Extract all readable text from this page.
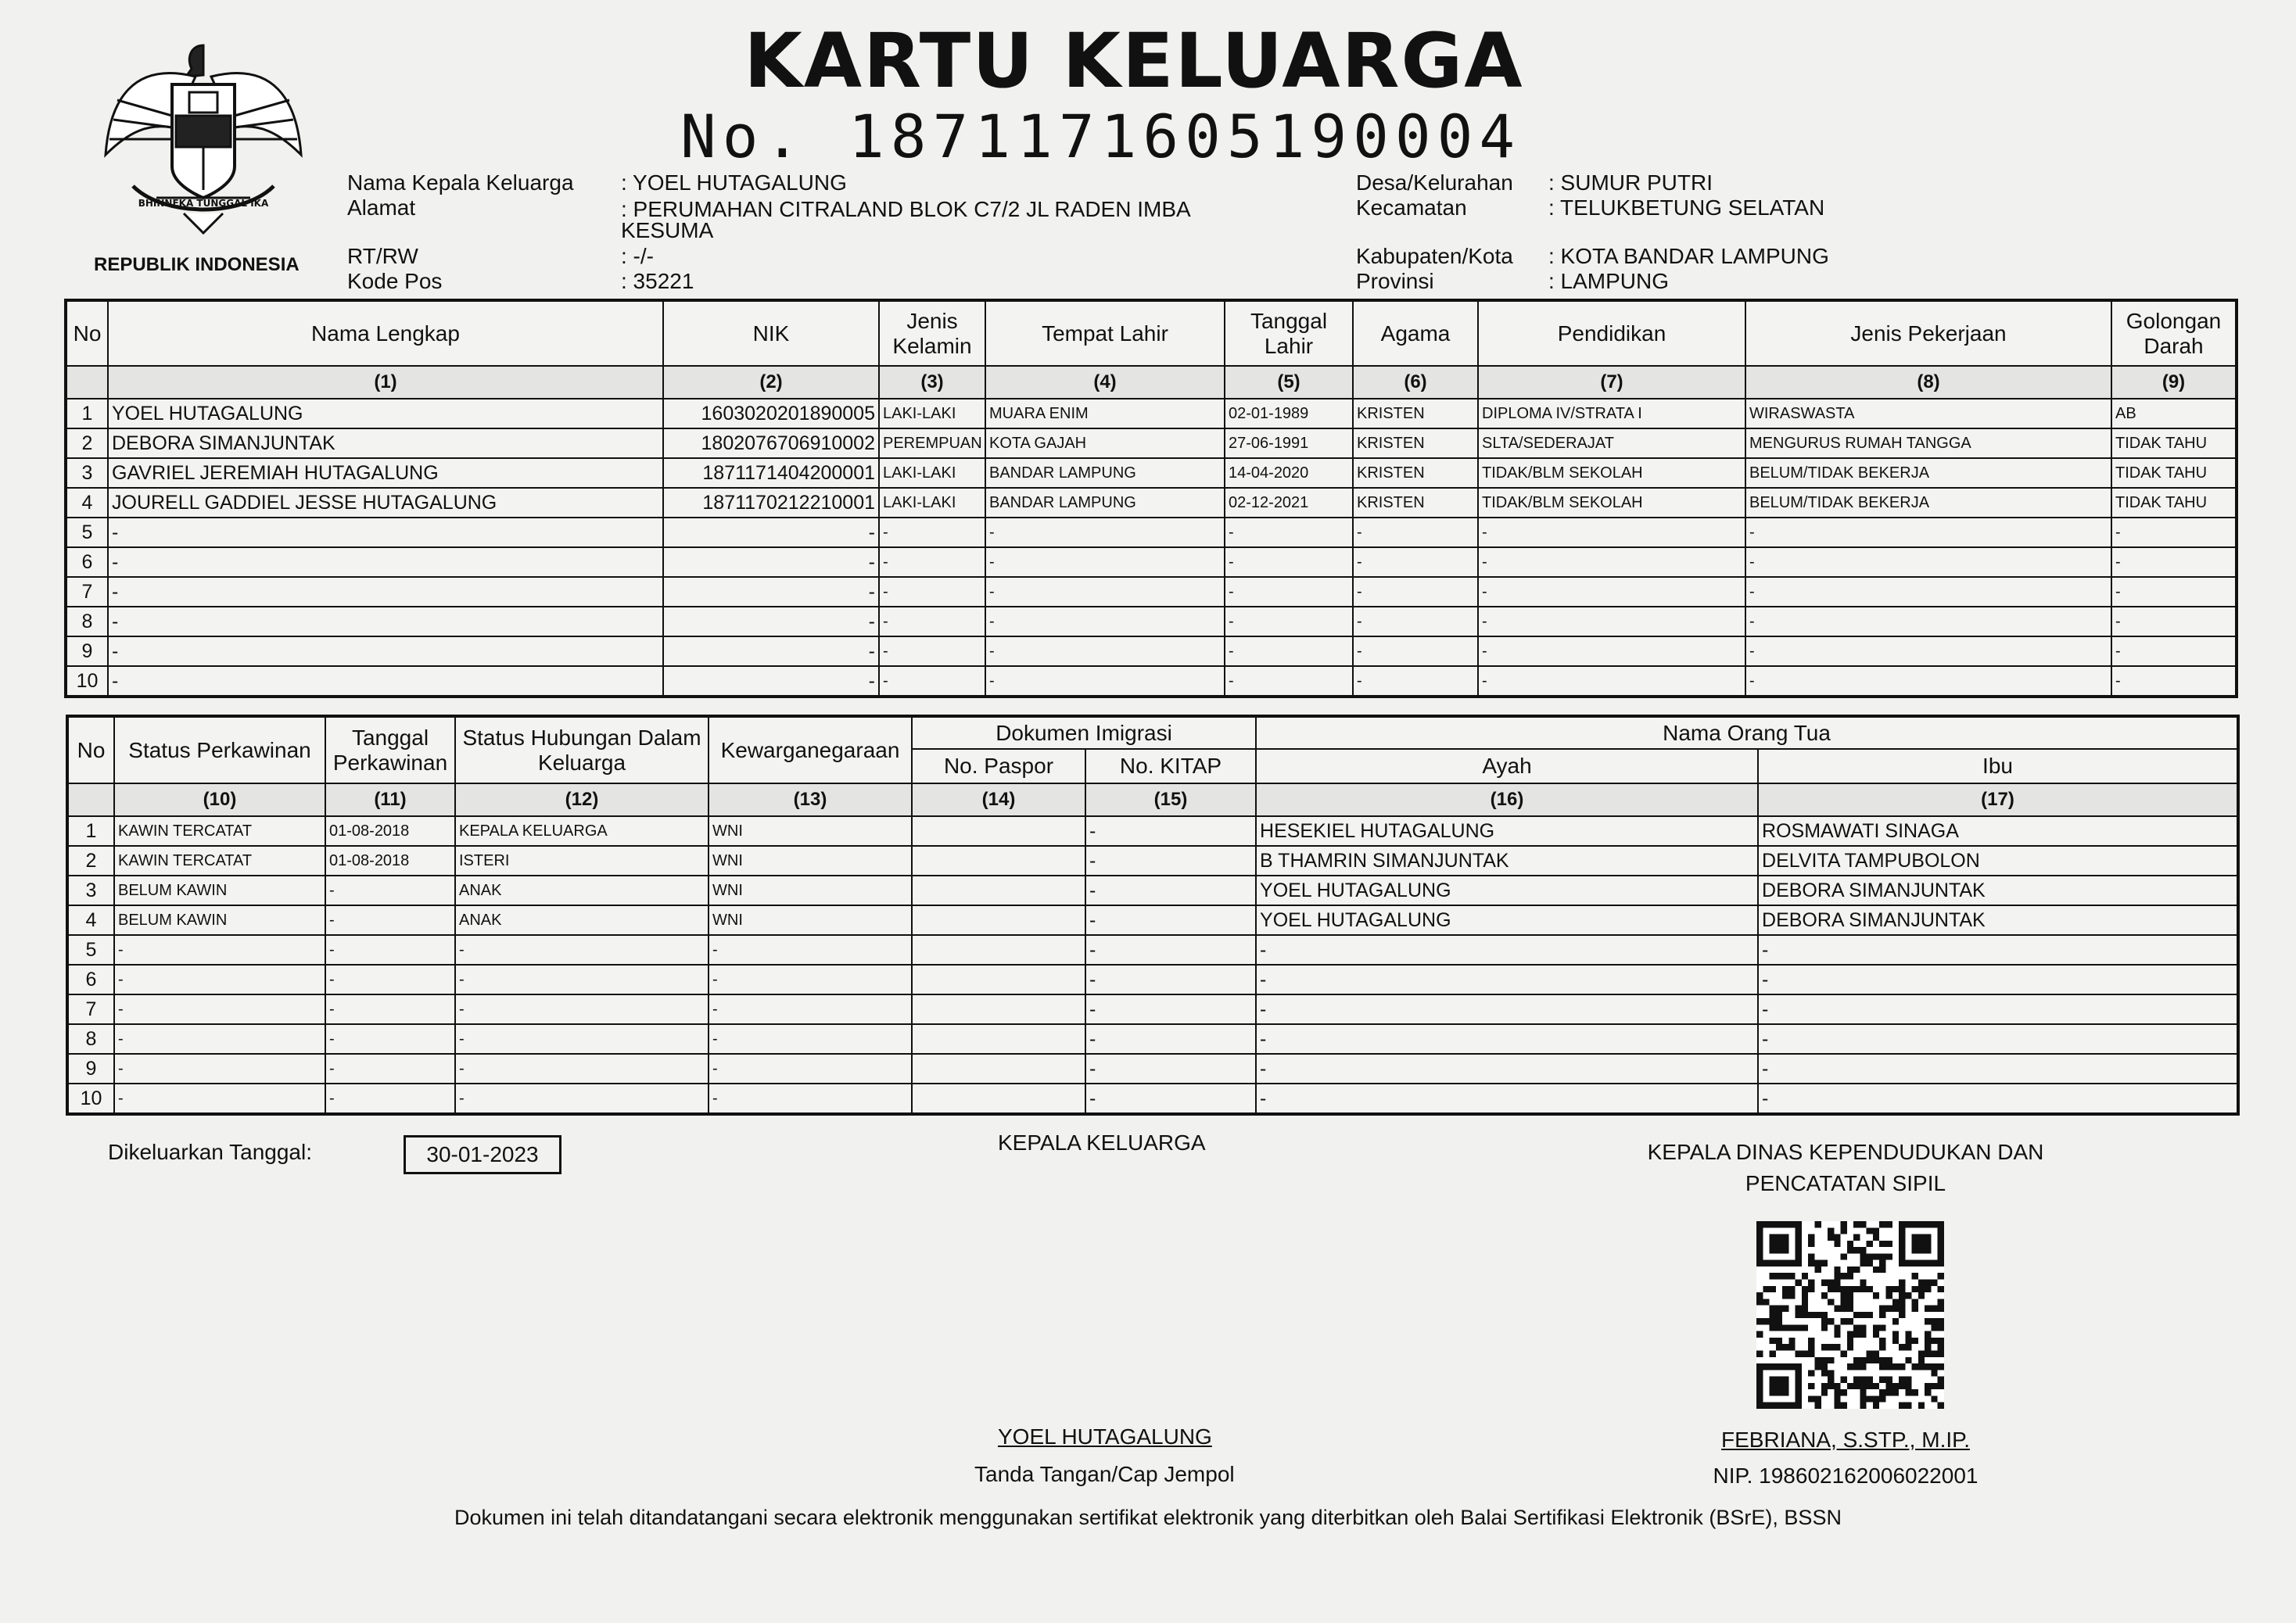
BHINNEKA TUNGGAL IKA
REPUBLIK INDONESIA
KARTU KELUARGA
No. 1871171605190004
Nama Kepala Keluarga : YOEL HUTAGALUNG
Alamat	: PERUMAHAN CITRALAND BLOK C7/2 JL RADEN IMBA KESUMA
RT/RW	: -/-
Kode Pos	: 35221
Desa/Kelurahan : SUMUR PUTRI
Kecamatan	: TELUKBETUNG SELATAN
Kabupaten/Kota : KOTA BANDAR LAMPUNG
Provinsi	: LAMPUNG
No	Nama Lengkap	NIK	Jenis Kelamin	Tempat Lahir	Tanggal Lahir	Agama	Pendidikan	Jenis Pekerjaan	Golongan Darah
	(1)	(2)	(3)	(4)	(5)	(6)	(7)	(8)	(9)
1	YOEL HUTAGALUNG	1603020201890005	LAKI-LAKI	MUARA ENIM	02-01-1989	KRISTEN	DIPLOMA IV/STRATA I	WIRASWASTA	AB
2	DEBORA SIMANJUNTAK	1802076706910002	PEREMPUAN	KOTA GAJAH	27-06-1991	KRISTEN	SLTA/SEDERAJAT	MENGURUS RUMAH TANGGA	TIDAK TAHU
3	GAVRIEL JEREMIAH HUTAGALUNG	1871171404200001	LAKI-LAKI	BANDAR LAMPUNG	14-04-2020	KRISTEN	TIDAK/BLM SEKOLAH	BELUM/TIDAK BEKERJA	TIDAK TAHU
4	JOURELL GADDIEL JESSE HUTAGALUNG	1871170212210001	LAKI-LAKI	BANDAR LAMPUNG	02-12-2021	KRISTEN	TIDAK/BLM SEKOLAH	BELUM/TIDAK BEKERJA	TIDAK TAHU
5	-	-	-	-	-	-	-	-	-
6	-	-	-	-	-	-	-	-	-
7	-	-	-	-	-	-	-	-	-
8	-	-	-	-	-	-	-	-	-
9	-	-	-	-	-	-	-	-	-
10	-	-	-	-	-	-	-	-	-
No	Status Perkawinan	Tanggal Perkawinan	Status Hubungan Dalam Keluarga	Kewarganegaraan	Dokumen Imigrasi		Nama Orang Tua	
					No. Paspor	No. KITAP	Ayah	Ibu
	(10)	(11)	(12)	(13)	(14)	(15)	(16)	(17)
1	KAWIN TERCATAT	01-08-2018	KEPALA KELUARGA	WNI		-	HESEKIEL HUTAGALUNG	ROSMAWATI SINAGA
2	KAWIN TERCATAT	01-08-2018	ISTERI	WNI		-	B THAMRIN SIMANJUNTAK	DELVITA TAMPUBOLON
3	BELUM KAWIN	-	ANAK	WNI		-	YOEL HUTAGALUNG	DEBORA SIMANJUNTAK
4	BELUM KAWIN	-	ANAK	WNI		-	YOEL HUTAGALUNG	DEBORA SIMANJUNTAK
5	-	-	-	-		-	-	-
6	-	-	-	-		-	-	-
7	-	-	-	-		-	-	-
8	-	-	-	-		-	-	-
9	-	-	-	-		-	-	-
10	-	-	-	-		-	-	-
Dikeluarkan Tanggal:	30-01-2023	KEPALA KELUARGA	KEPALA DINAS KEPENDUDUKAN DAN
PENCATATAN SIPIL
YOEL HUTAGALUNG
Tanda Tangan/Cap Jempol
FEBRIANA, S.STP., M.IP.
NIP. 198602162006022001
Dokumen ini telah ditandatangani secara elektronik menggunakan sertifikat elektronik yang diterbitkan oleh Balai Sertifikasi Elektronik (BSrE), BSSN
